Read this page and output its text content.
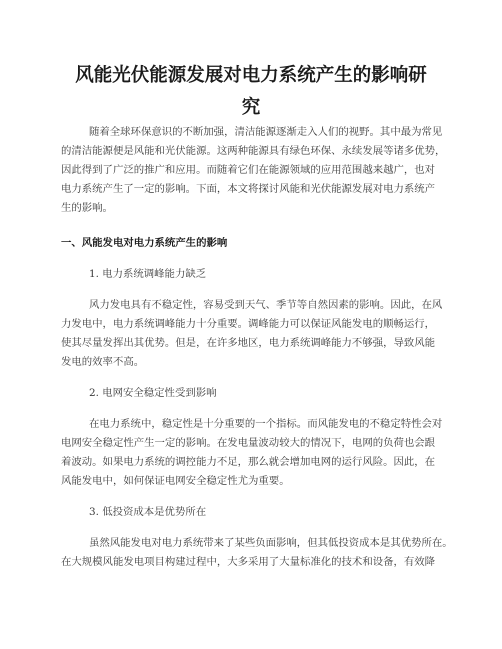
风能光伏能源发展对电力系统产生的影响研
究

随着全球环保意识的不断加强，清洁能源逐渐走入人们的视野。其中最为常见

的清洁能源便是风能和光伏能源。这两种能源具有绿色环保、永续发展等诸多优势，

因此得到了广泛的推广和应用。而随着它们在能源领域的应用范围越来越广，也对

电力系统产生了一定的影响。下面，本文将探讨风能和光伏能源发展对电力系统产

生的影响。

一、风能发电对电力系统产生的影响

1. 电力系统调峰能力缺乏

风力发电具有不稳定性，容易受到天气、季节等自然因素的影响。因此，在风

力发电中，电力系统调峰能力十分重要。调峰能力可以保证风能发电的顺畅运行，

使其尽量发挥出其优势。但是，在许多地区，电力系统调峰能力不够强，导致风能

发电的效率不高。

2. 电网安全稳定性受到影响

在电力系统中，稳定性是十分重要的一个指标。而风能发电的不稳定特性会对

电网安全稳定性产生一定的影响。在发电量波动较大的情况下，电网的负荷也会跟

着波动。如果电力系统的调控能力不足，那么就会增加电网的运行风险。因此，在

风能发电中，如何保证电网安全稳定性尤为重要。

3. 低投资成本是优势所在

虽然风能发电对电力系统带来了某些负面影响，但其低投资成本是其优势所在。

在大规模风能发电项目构建过程中，大多采用了大量标准化的技术和设备，有效降
